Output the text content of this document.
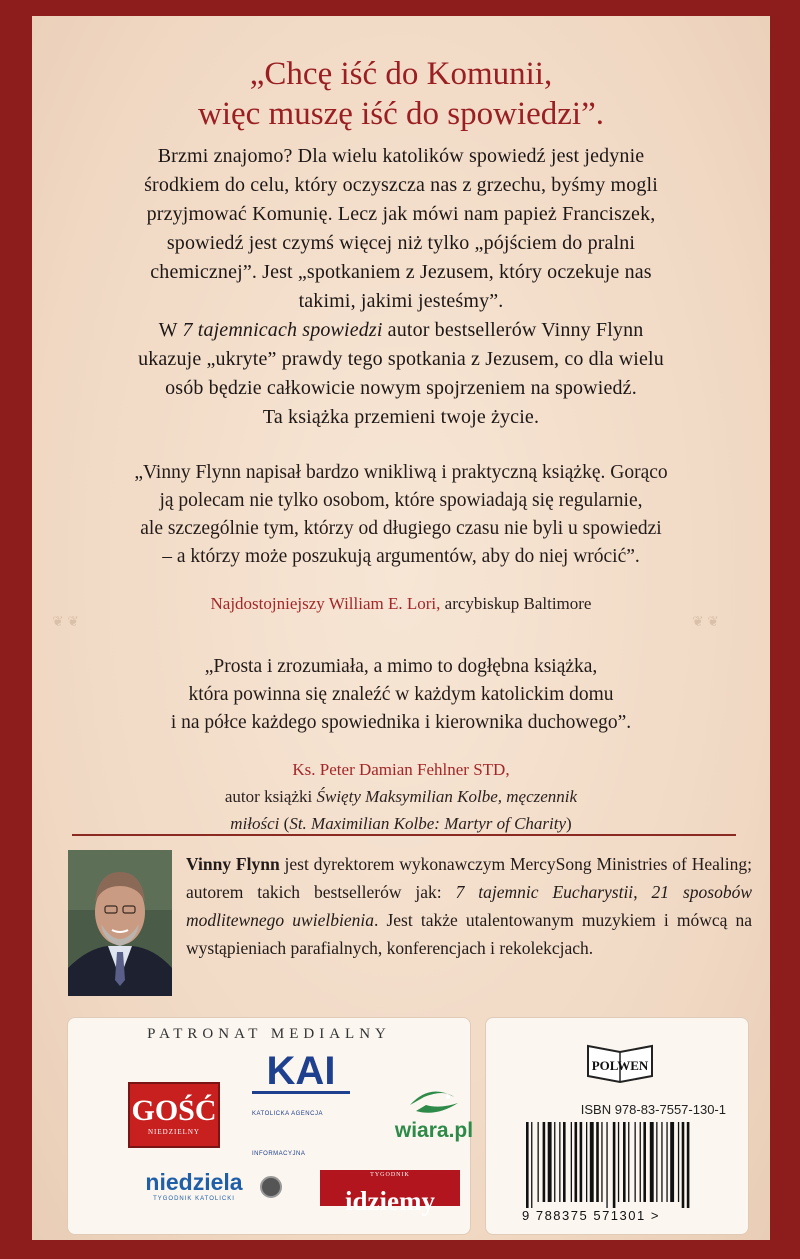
„Chcę iść do Komunii,
więc muszę iść do spowiedzi”.
Brzmi znajomo? Dla wielu katolików spowiedź jest jedynie
środkiem do celu, który oczyszcza nas z grzechu, byśmy mogli
przyjmować Komunię. Lecz jak mówi nam papież Franciszek,
spowiedź jest czymś więcej niż tylko „pójściem do pralni
chemicznej”. Jest „spotkaniem z Jezusem, który oczekuje nas
takimi, jakimi jesteśmy”.
W 7 tajemnicach spowiedzi autor bestsellerów Vinny Flynn
ukazuje „ukryte” prawdy tego spotkania z Jezusem, co dla wielu
osób będzie całkowicie nowym spojrzeniem na spowiedź.
Ta książka przemieni twoje życie.
„Vinny Flynn napisał bardzo wnikliwą i praktyczną książkę. Gorąco
ją polecam nie tylko osobom, które spowiadają się regularnie,
ale szczególnie tym, którzy od długiego czasu nie byli u spowiedzi
– a którzy może poszukują argumentów, aby do niej wrócić”.
Najdostojniejszy William E. Lori, arcybiskup Baltimore
❦ ❦	❦ ❦
„Prosta i zrozumiała, a mimo to dogłębna książka,
która powinna się znaleźć w każdym katolickim domu
i na półce każdego spowiednika i kierownika duchowego”.
Ks. Peter Damian Fehlner STD,
autor książki Święty Maksymilian Kolbe, męczennik
miłości (St. Maximilian Kolbe: Martyr of Charity)
Vinny Flynn jest dyrektorem wykonawczym MercySong Ministries of Healing; autorem takich bestsellerów jak: 7 tajemnic Eucharystii, 21 sposobów modlitewnego uwielbienia. Jest także utalentowanym muzykiem i mówcą na wystąpieniach parafialnych, konferencjach i rekolekcjach.
PATRONAT MEDIALNY
GOŚĆ
NIEDZIELNY
KAI
KATOLICKA AGENCJA INFORMACYJNA
wiara.pl
niedziela
TYGODNIK KATOLICKI
TYGODNIK
idziemy
POLWEN
ISBN 978-83-7557-130-1
9 788375 571301 >
